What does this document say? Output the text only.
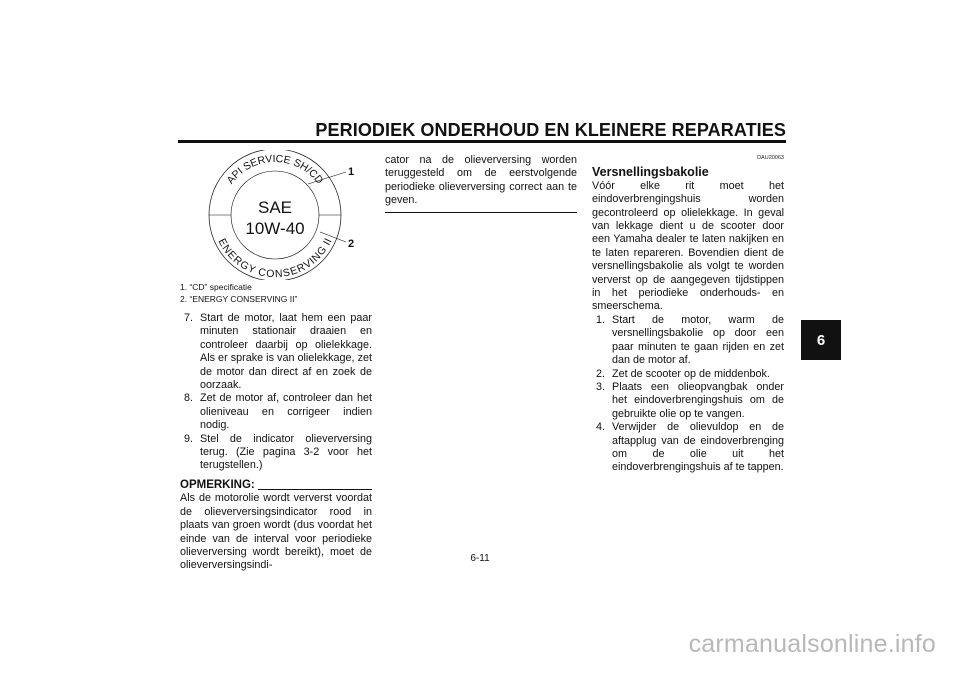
PERIODIEK ONDERHOUD EN KLEINERE REPARATIES
6
API SERVICE SH/CD
ENERGY CONSERVING II
SAE
10W-40
1
2
1. “CD” specificatie
2. “ENERGY CONSERVING II”
7. Start de motor, laat hem een paar minuten stationair draaien en controleer daarbij op olielekkage. Als er sprake is van olielekkage, zet de motor dan direct af en zoek de oorzaak.
8. Zet de motor af, controleer dan het olieniveau en corrigeer indien nodig.
9. Stel de indicator olieverversing terug. (Zie pagina 3-2 voor het terugstellen.)
OPMERKING:

Als de motorolie wordt ververst voordat de olieverversingsindicator rood in plaats van groen wordt (dus voordat het einde van de interval voor periodieke olieverversing wordt bereikt), moet de olieverversingsindi-

cator na de olieverversing worden teruggesteld om de eerstvolgende periodieke olieverversing correct aan te geven.

DAU20063
Versnellingsbakolie

Vóór elke rit moet het eindoverbrengingshuis worden gecontroleerd op olielekkage. In geval van lekkage dient u de scooter door een Yamaha dealer te laten nakijken en te laten repareren. Bovendien dient de versnellingsbakolie als volgt te worden ververst op de aangegeven tijdstippen in het periodieke onderhouds- en smeerschema.

1. Start de motor, warm de versnellingsbakolie op door een paar minuten te gaan rijden en zet dan de motor af.
2. Zet de scooter op de middenbok.
3. Plaats een olieopvangbak onder het eindoverbrengingshuis om de gebruikte olie op te vangen.
4. Verwijder de olievuldop en de aftapplug van de eindoverbrenging om de olie uit het eindoverbrengingshuis af te tappen.
6-11
carmanualsonline.info
